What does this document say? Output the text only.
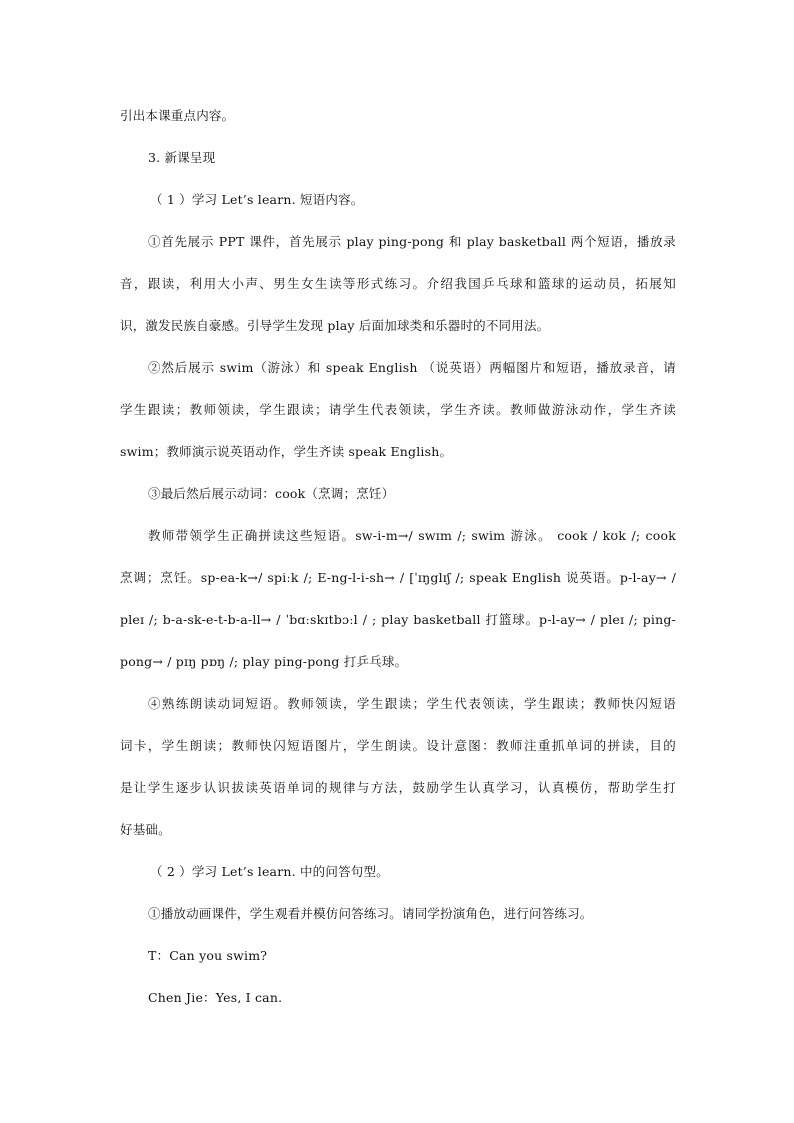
引出本课重点内容。
3. 新课呈现
（ 1 ）学习 Let’s learn. 短语内容。
①首先展示 PPT 课件，首先展示 play ping-pong 和 play basketball 两个短语，播放录
音，跟读，利用大小声、男生女生读等形式练习。介绍我国乒乓球和篮球的运动员，拓展知
识，激发民族自豪感。引导学生发现 play 后面加球类和乐器时的不同用法。
②然后展示 swim（游泳）和 speak English （说英语）两幅图片和短语，播放录音，请
学生跟读；教师领读，学生跟读；请学生代表领读，学生齐读。教师做游泳动作，学生齐读
swim；教师演示说英语动作，学生齐读 speak English。
③最后然后展示动词：cook（烹调；烹饪）
教师带领学生正确拼读这些短语。sw-i-m→/ swɪm /; swim 游泳。 cook / kʊk /; cook
烹调；烹饪。sp-ea-k→/ spiːk /; E-ng-l-i-sh→ / [ˈɪŋglɪʃ /; speak English 说英语。p-l-ay→ /
pleɪ /; b-a-sk-e-t-b-a-ll→ / ˈbɑːskɪtbɔːl / ; play basketball 打篮球。p-l-ay→ / pleɪ /; ping-
pong→ / pɪŋ pɒŋ /; play ping-pong 打乒乓球。
④熟练朗读动词短语。教师领读，学生跟读；学生代表领读，学生跟读；教师快闪短语
词卡，学生朗读；教师快闪短语图片，学生朗读。设计意图：教师注重抓单词的拼读，目的
是让学生逐步认识拔读英语单词的规律与方法，鼓励学生认真学习，认真模仿，帮助学生打
好基础。
（ 2 ）学习 Let’s learn. 中的问答句型。
①播放动画课件，学生观看并模仿问答练习。请同学扮演角色，进行问答练习。
T：Can you swim?
Chen Jie：Yes, I can.
